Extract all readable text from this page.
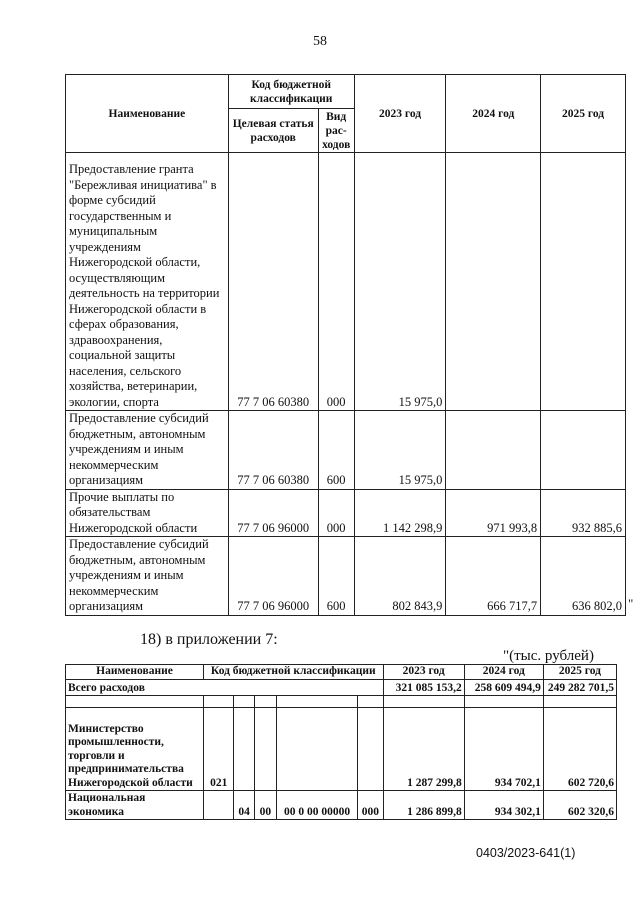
58
Наименование	Код бюджетной классификации		2023 год	2024 год	2025 год
	Целевая статья расходов	Вид рас-ходов			
Предоставление гранта "Бережливая инициатива" в форме субсидий государственным и муниципальным учреждениям Нижегородской области, осуществляющим деятельность на территории Нижегородской области в сферах образования, здравоохранения, социальной защиты населения, сельского хозяйства, ветеринарии, экологии, спорта	77 7 06 60380	000	15 975,0		
Предоставление субсидий бюджетным, автономным учреждениям и иным некоммерческим организациям	77 7 06 60380	600	15 975,0		
Прочие выплаты по обязательствам Нижегородской области	77 7 06 96000	000	1 142 298,9	971 993,8	932 885,6
Предоставление субсидий бюджетным, автономным учреждениям и иным некоммерческим организациям	77 7 06 96000	600	802 843,9	666 717,7	636 802,0 "
18) в приложении 7:
"(тыс. рублей)
Наименование	Код бюджетной классификации					2023 год	2024 год	2025 год
Всего расходов						321 085 153,2	258 609 494,9	249 282 701,5

Министерство промышленности, торговли и предпринимательства Нижегородской области	021					1 287 299,8	934 702,1	602 720,6
Национальная экономика		04	00	00 0 00 00000	000	1 286 899,8	934 302,1	602 320,6
0403/2023-641(1)
